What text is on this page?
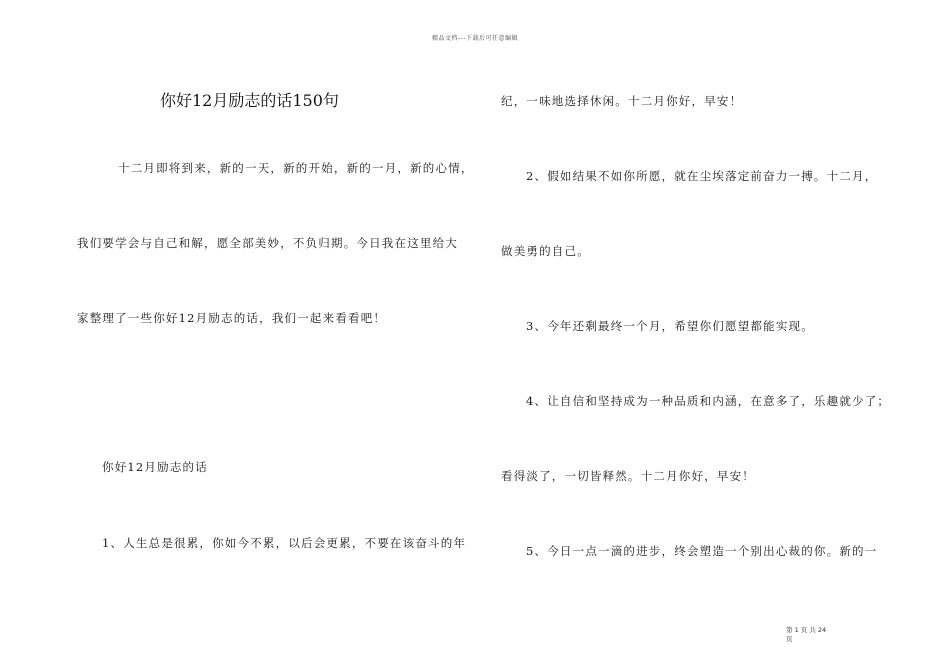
精品文档---下载后可任意编辑
你好12月励志的话150句
十二月即将到来，新的一天，新的开始，新的一月，新的心情，
我们要学会与自己和解，愿全部美妙，不负归期。今日我在这里给大
家整理了一些你好12月励志的话，我们一起来看看吧！
你好12月励志的话
1、人生总是很累，你如今不累，以后会更累，不要在该奋斗的年
纪，一味地选择休闲。十二月你好，早安！
2、假如结果不如你所愿，就在尘埃落定前奋力一搏。十二月，
做美勇的自己。
3、今年还剩最终一个月，希望你们愿望都能实现。
4、让自信和坚持成为一种品质和内涵，在意多了，乐趣就少了；
看得淡了，一切皆释然。十二月你好，早安！
5、今日一点一滴的进步，终会塑造一个别出心裁的你。新的一
第 1 页 共 24
页
